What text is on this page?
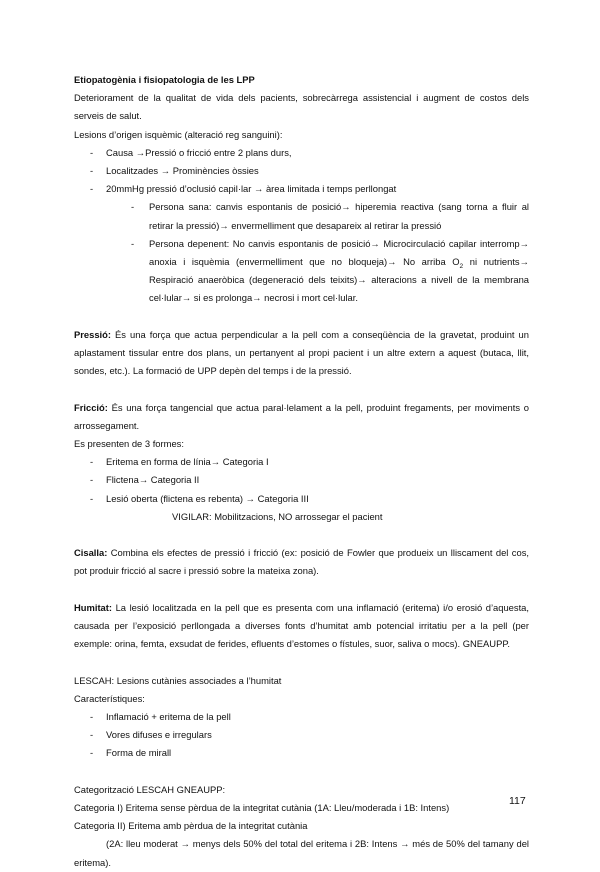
Etiopatogènia i fisiopatologia de les LPP

Deteriorament de la qualitat de vida dels pacients, sobrecàrrega assistencial i augment de costos dels serveis de salut.

Lesions d’origen isquèmic (alteració reg sanguini):

- Causa →Pressió o fricció entre 2 plans durs,
- Localitzades → Prominències òssies
- 20mmHg pressió d’oclusió capil·lar → àrea limitada i temps perllongat
- Persona sana: canvis espontanis de posició→ hiperemia reactiva (sang torna a fluir al retirar la pressió)→ envermelliment que desapareix al retirar la pressió
- Persona depenent: No canvis espontanis de posició→ Microcirculació capilar interromp→ anoxia i isquèmia (envermelliment que no bloqueja)→ No arriba $O_2$ ni nutrients→ Respiració anaeròbica (degeneració dels teixits)→ alteracions a nivell de la membrana cel·lular→ si es prolonga→ necrosi i mort cel·lular.

Pressió: És una força que actua perpendicular a la pell com a conseqüència de la gravetat, produint un aplastament tissular entre dos plans, un pertanyent al propi pacient i un altre extern a aquest (butaca, llit, sondes, etc.). La formació de UPP depèn del temps i de la pressió.

Fricció: És una força tangencial que actua paral·lelament a la pell, produint fregaments, per moviments o arrossegament.

Es presenten de 3 formes:

- Eritema en forma de línia→ Categoria I
- Flictena→ Categoria II
- Lesió oberta (flictena es rebenta) → Categoria III

VIGILAR: Mobilitzacions, NO arrossegar el pacient

Cisalla: Combina els efectes de pressió i fricció (ex: posició de Fowler que produeix un lliscament del cos, pot produir fricció al sacre i pressió sobre la mateixa zona).

Humitat: La lesió localitzada en la pell que es presenta com una inflamació (eritema) i/o erosió d’aquesta, causada per l’exposició perllongada a diverses fonts d’humitat amb potencial irritatiu per a la pell (per exemple: orina, femta, exsudat de ferides, efluents d’estomes o fístules, suor, saliva o mocs). GNEAUPP.

LESCAH: Lesions cutànies associades a l’humitat

Característiques:

- Inflamació + eritema de la pell
- Vores difuses e irregulars
- Forma de mirall

Categorització LESCAH GNEAUPP:

Categoria I) Eritema sense pèrdua de la integritat cutània (1A: Lleu/moderada i 1B: Intens)

Categoria II) Eritema amb pèrdua de la integritat cutània

(2A: lleu moderat → menys dels 50% del total del eritema i 2B: Intens → més de 50% del tamany del eritema).

117
